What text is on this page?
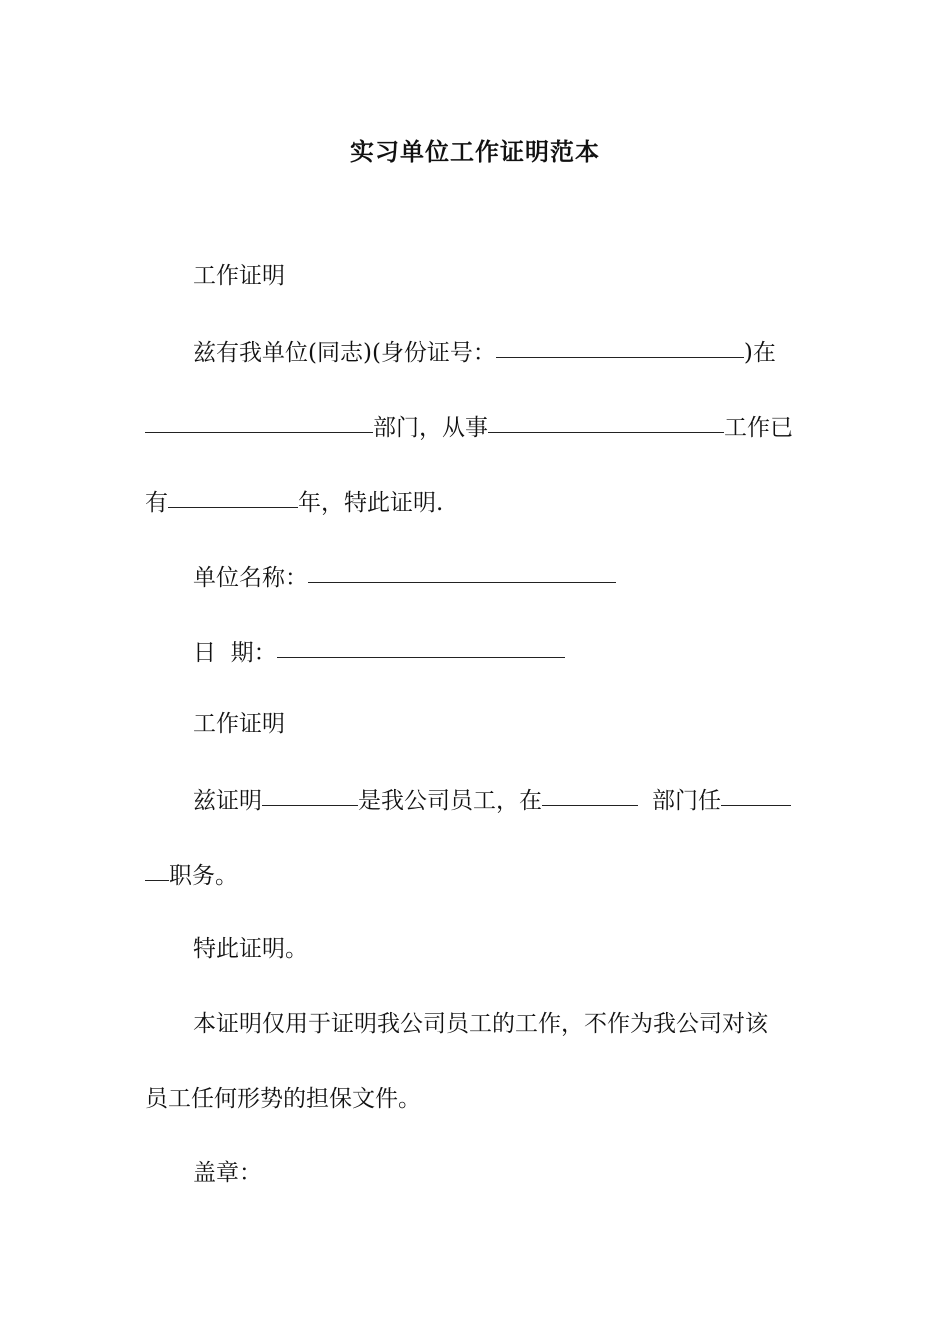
实习单位工作证明范本
工作证明
兹有我单位(同志)(身份证号：	)在
部门，从事	工作已
有	年，特此证明.
单位名称：
日  期：
工作证明
兹证明	是我公司员工，在	部门任
职务。
特此证明。
本证明仅用于证明我公司员工的工作，不作为我公司对该
员工任何形势的担保文件。
盖章：
